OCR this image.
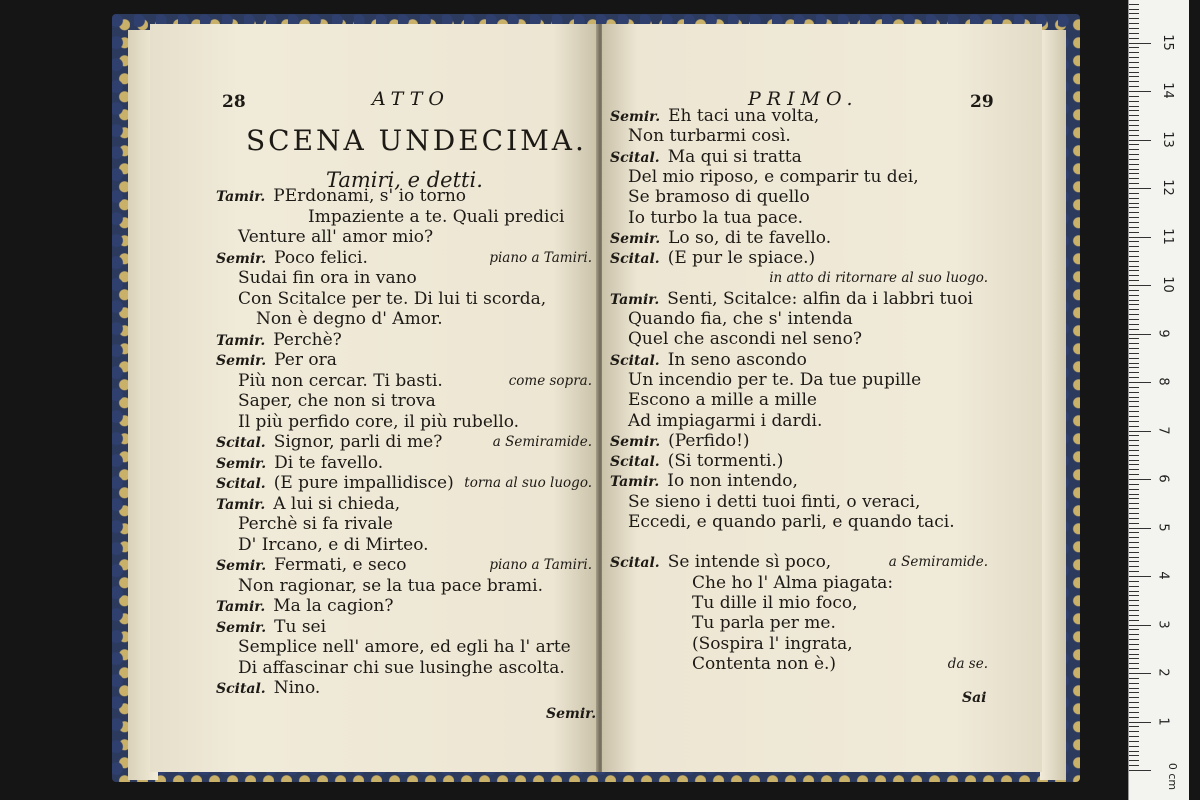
28	ATTO
SCENA UNDECIMA.
Tamiri, e detti.
Tamir. PErdonami, s' io torno
Impaziente a te. Quali predici
Venture all' amor mio?
Semir. Poco felici.	piano a Tamiri.
Sudai fin ora in vano
Con Scitalce per te. Di lui ti scorda,
Non è degno d' Amor.
Tamir. Perchè?
Semir. Per ora
Più non cercar. Ti basti.	come sopra.
Saper, che non si trova
Il più perfido core, il più rubello.
Scital. Signor, parli di me?	a Semiramide.
Semir. Di te favello.
Scital. (E pure impallidisce) torna al suo luogo.
Tamir. A lui si chieda,
Perchè si fa rivale
D' Ircano, e di Mirteo.
Semir. Fermati, e seco	piano a Tamiri.
Non ragionar, se la tua pace brami.
Tamir. Ma la cagion?
Semir. Tu sei
Semplice nell' amore, ed egli ha l' arte
Di affascinar chi sue lusinghe ascolta.
Scital. Nino.
Semir.
PRIMO.	29
Semir. Eh taci una volta,
Non turbarmi così.
Scital. Ma qui si tratta
Del mio riposo, e comparir tu dei,
Se bramoso di quello
Io turbo la tua pace.
Semir. Lo so, di te favello.
Scital. (E pur le spiace.)
in atto di ritornare al suo luogo.
Tamir. Senti, Scitalce: alfin da i labbri tuoi
Quando fia, che s' intenda
Quel che ascondi nel seno?
Scital. In seno ascondo
Un incendio per te. Da tue pupille
Escono a mille a mille
Ad impiagarmi i dardi.
Semir. (Perfido!)
Scital. (Si tormenti.)
Tamir. Io non intendo,
Se sieno i detti tuoi finti, o veraci,
Eccedi, e quando parli, e quando taci.
Scital. Se intende sì poco,	a Semiramide.
Che ho l' Alma piagata:
Tu dille il mio foco,
Tu parla per me.
(Sospira l' ingrata,
Contenta non è.)	da se.
Sai
0 cm
1
2
3
4
5
6
7
8
9
10
11
12
13
14
15
